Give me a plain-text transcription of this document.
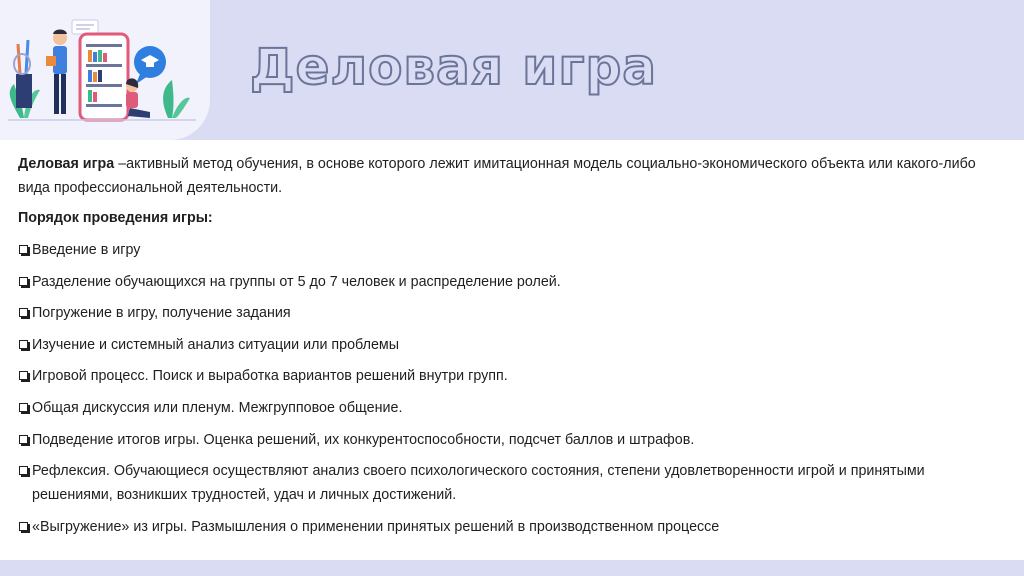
Деловая игра

Деловая игра –активный метод обучения, в основе которого лежит имитационная модель социально-экономического объекта или какого-либо вида профессиональной деятельности.

Порядок проведения игры:

Введение в игру
Разделение обучающихся на группы от 5 до 7 человек и распределение ролей.
Погружение в игру, получение задания
Изучение и системный анализ ситуации или проблемы
Игровой процесс. Поиск и выработка вариантов решений внутри групп.
Общая дискуссия или пленум. Межгрупповое общение.
Подведение итогов игры. Оценка решений, их конкурентоспособности, подсчет баллов и штрафов.
Рефлексия. Обучающиеся осуществляют анализ своего психологического состояния, степени удовлетворенности игрой и принятыми решениями, возникших трудностей, удач и личных достижений.
«Выгружение» из игры. Размышления о применении принятых решений в производственном процессе
